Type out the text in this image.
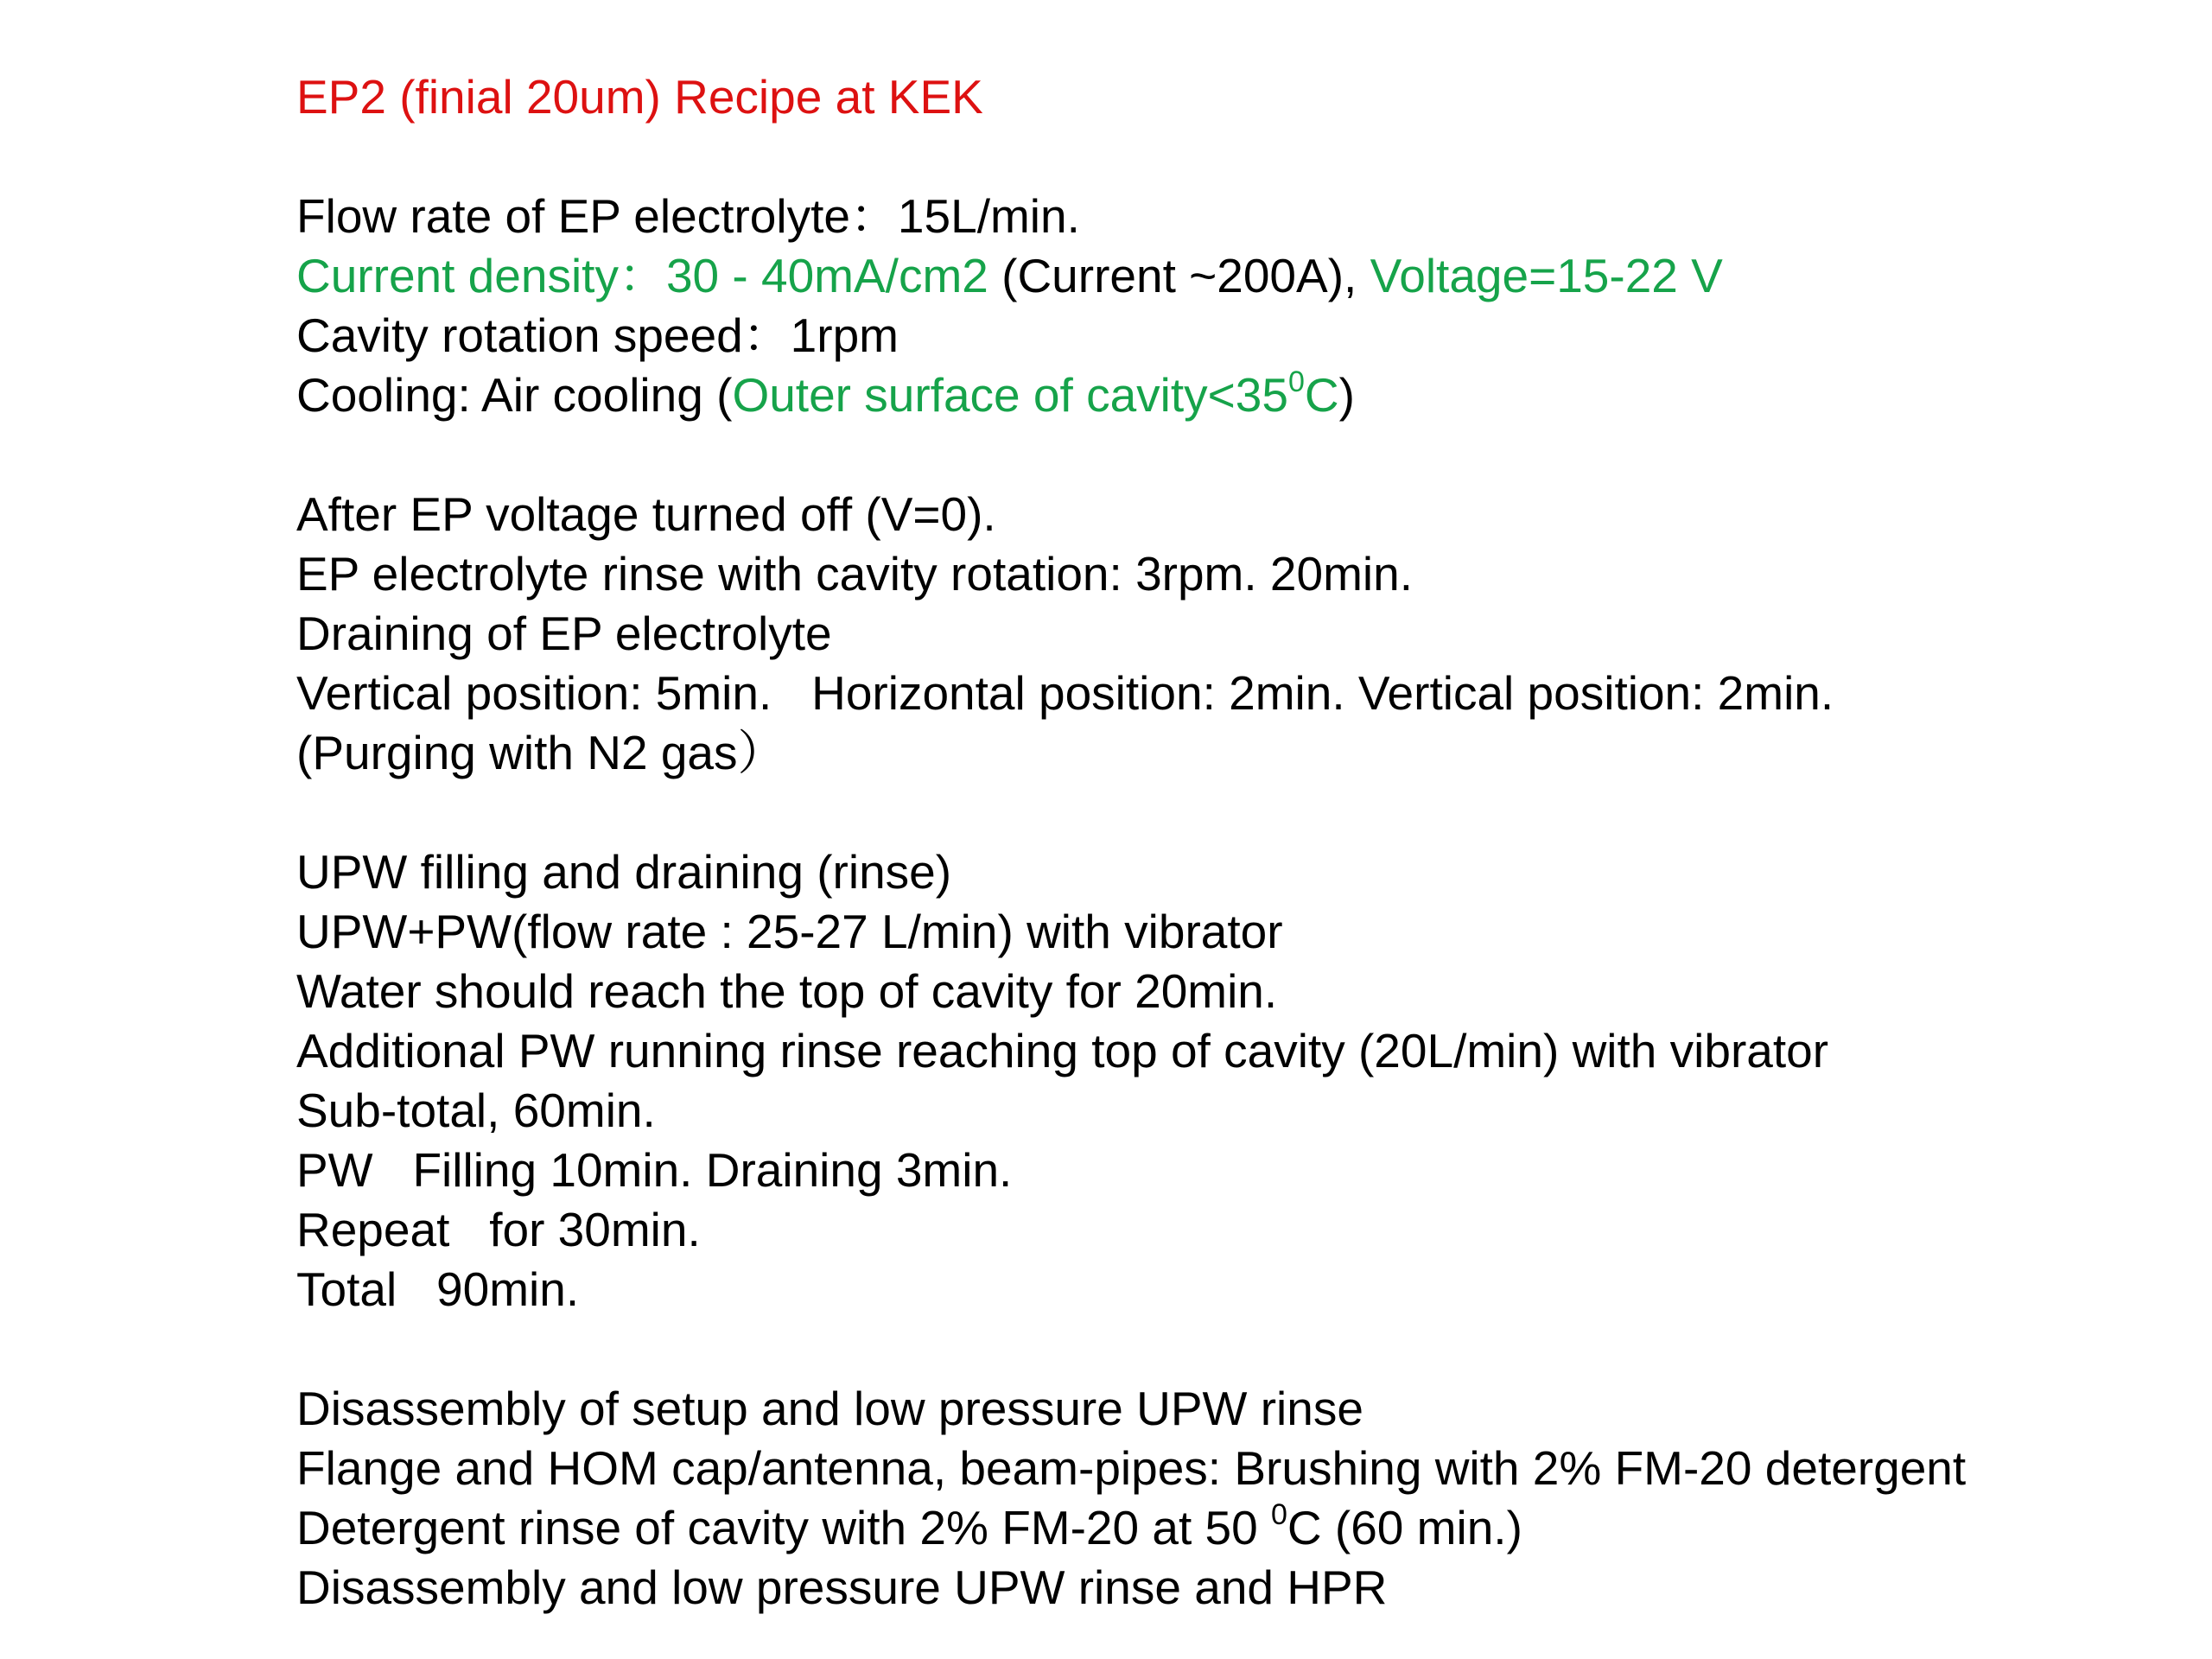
EP2 (finial 20um) Recipe at KEK
Flow rate of EP electrolyte：15L/min.
Current density：30 - 40mA/cm2 (Current ~200A), Voltage=15-22 V
Cavity rotation speed：1rpm
Cooling: Air cooling (Outer surface of $cavity<35^0C$)
After EP voltage turned off (V=0).
EP electrolyte rinse with cavity rotation: 3rpm. 20min.
Draining of EP electrolyte
Vertical position: 5min.   Horizontal position: 2min. Vertical position: 2min.
(Purging with N2 gas）
UPW filling and draining (rinse)
UPW+PW(flow rate : 25-27 L/min) with vibrator
Water should reach the top of cavity for 20min.
Additional PW running rinse reaching top of cavity (20L/min) with vibrator
Sub-total, 60min.
PW   Filling 10min. Draining 3min.
Repeat   for 30min.
Total   90min.
Disassembly of setup and low pressure UPW rinse
Flange and HOM cap/antenna, beam-pipes: Brushing with 2% FM-20 detergent
Detergent rinse of cavity with 2% FM-20 at 50 $^0$C (60 min.)
Disassembly and low pressure UPW rinse and HPR
